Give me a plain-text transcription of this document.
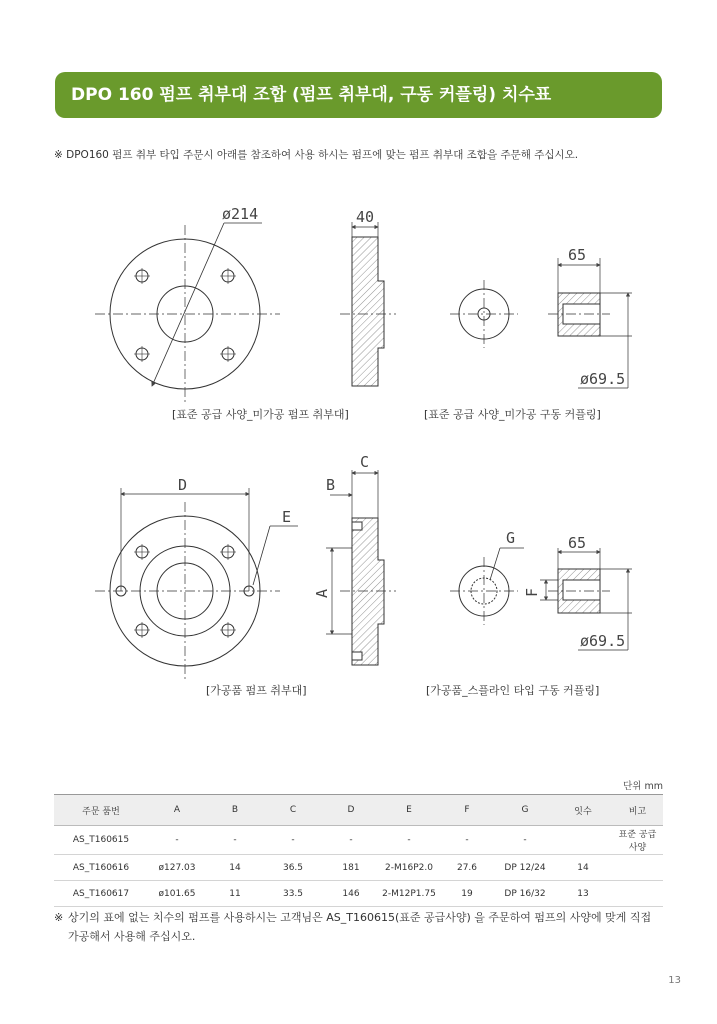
DPO 160 펌프 취부대 조합 (펌프 취부대, 구동 커플링) 치수표
※ DPO160 펌프 취부 타입 주문시 아래를 참조하여 사용 하시는 펌프에 맞는 펌프 취부대 조합을 주문해 주십시오.
ø214	40
65
ø69.5
[표준 공급 사양_미가공 펌프 취부대]	[표준 공급 사양_미가공 구동 커플링]
D
E
C
B
A
G
F
65
ø69.5
[가공품 펌프 취부대]	[가공품_스플라인 타입 구동 커플링]
단위 mm
주문 품번	A	B	C	D	E	F	G	잇수	비고
AS_T160615	-	-	-	-	-	-	-		표준 공급 사양
AS_T160616	ø127.03	14	36.5	181	2-M16P2.0	27.6	DP 12/24	14	
AS_T160617	ø101.65	11	33.5	146	2-M12P1.75	19	DP 16/32	13	
※ 상기의 표에 없는 치수의 펌프를 사용하시는 고객님은 AS_T160615(표준 공급사양) 을 주문하여 펌프의 사양에 맞게 직접 가공해서 사용해 주십시오.
13
